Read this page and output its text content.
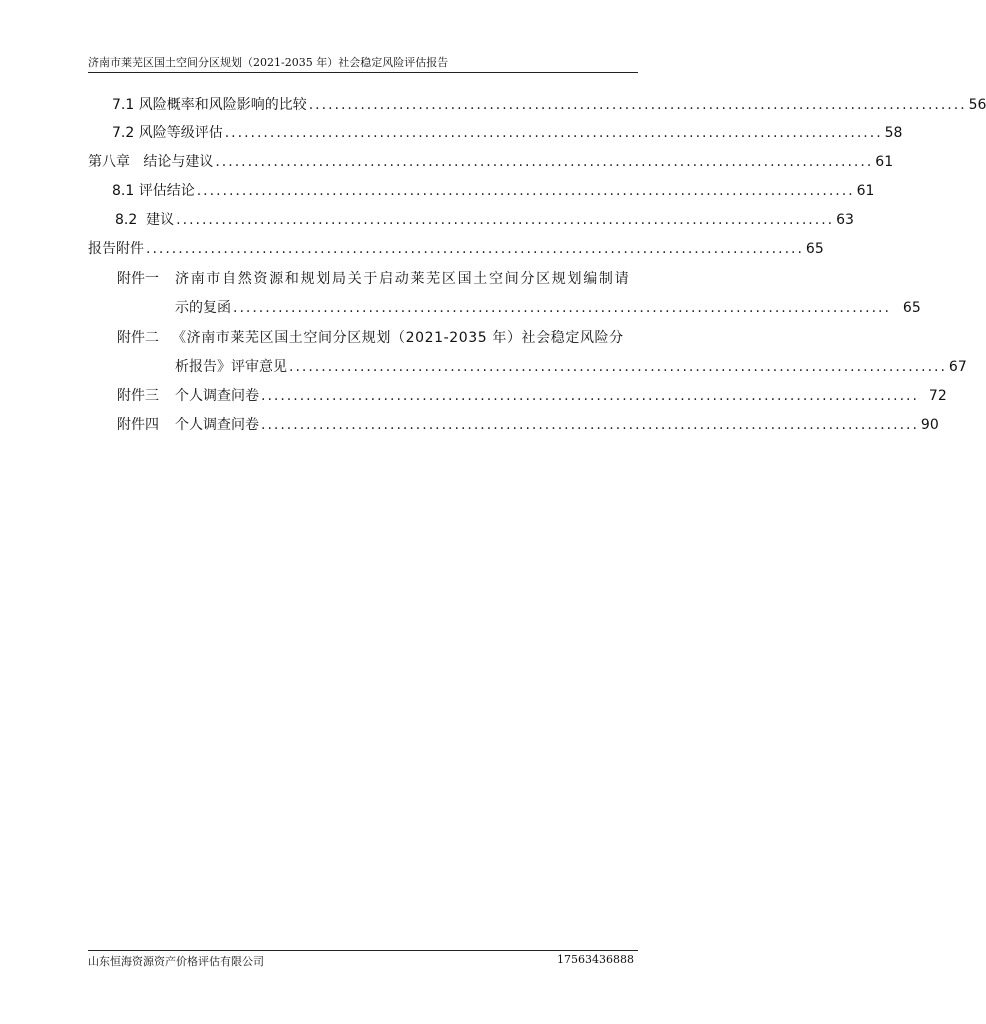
济南市莱芜区国土空间分区规划（2021-2035 年）社会稳定风险评估报告
7.1 风险概率和风险影响的比较 ...................................................................................................... 56
7.2 风险等级评估 ...................................................................................................... 58
第八章   结论与建议 ...................................................................................................... 61
8.1 评估结论 ...................................................................................................... 61
8.2  建议 ...................................................................................................... 63
报告附件 ...................................................................................................... 65
附件一 济南市自然资源和规划局关于启动莱芜区国土空间分区规划编制请
示的复函 ...................................................................................................... 65
附件二 《济南市莱芜区国土空间分区规划（2021-2035 年）社会稳定风险分
析报告》评审意见 ...................................................................................................... 67
附件三 个人调查问卷 ...................................................................................................... 72
附件四 个人调查问卷 ...................................................................................................... 90
山东恒海资源资产价格评估有限公司	17563436888
